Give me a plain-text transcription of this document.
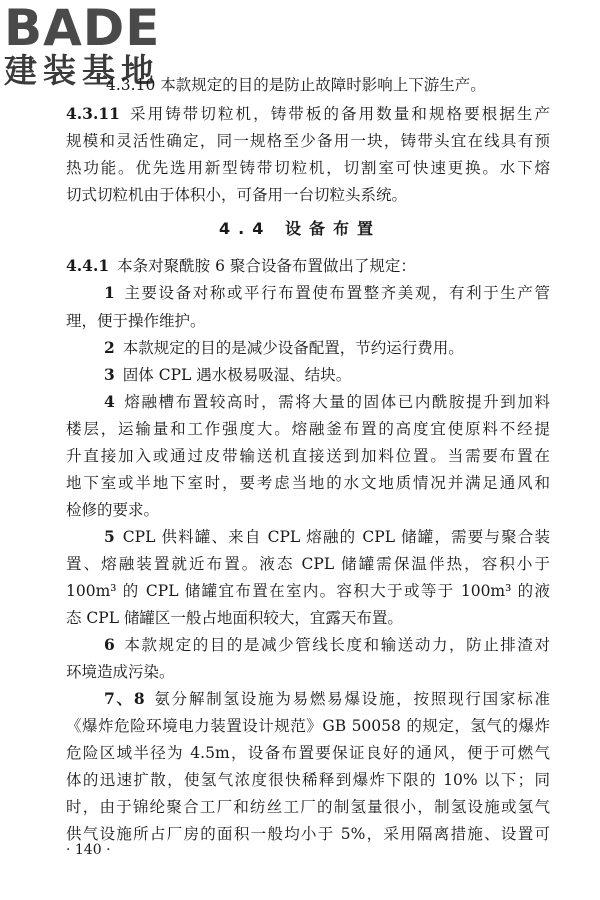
BADE
建装基地
4.3.10 本款规定的目的是防止故障时影响上下游生产。
4.3.11 采用铸带切粒机，铸带板的备用数量和规格要根据生产
规模和灵活性确定，同一规格至少备用一块，铸带头宜在线具有预
热功能。优先选用新型铸带切粒机，切割室可快速更换。水下熔
切式切粒机由于体积小，可备用一台切粒头系统。
4.4 设备布置
4.4.1 本条对聚酰胺 6 聚合设备布置做出了规定：
1 主要设备对称或平行布置使布置整齐美观，有利于生产管
理，便于操作维护。
2 本款规定的目的是减少设备配置，节约运行费用。
3 固体 CPL 遇水极易吸湿、结块。
4 熔融槽布置较高时，需将大量的固体已内酰胺提升到加料
楼层，运输量和工作强度大。熔融釜布置的高度宜使原料不经提
升直接加入或通过皮带输送机直接送到加料位置。当需要布置在
地下室或半地下室时，要考虑当地的水文地质情况并满足通风和
检修的要求。
5 CPL 供料罐、来自 CPL 熔融的 CPL 储罐，需要与聚合装
置、熔融装置就近布置。液态 CPL 储罐需保温伴热，容积小于
100m³ 的 CPL 储罐宜布置在室内。容积大于或等于 100m³ 的液
态 CPL 储罐区一般占地面积较大，宜露天布置。
6 本款规定的目的是减少管线长度和输送动力，防止排渣对
环境造成污染。
7、8 氨分解制氢设施为易燃易爆设施，按照现行国家标准
《爆炸危险环境电力装置设计规范》GB 50058 的规定，氢气的爆炸
危险区域半径为 4.5m，设备布置要保证良好的通风，便于可燃气
体的迅速扩散，使氢气浓度很快稀释到爆炸下限的 10% 以下；同
时，由于锦纶聚合工厂和纺丝工厂的制氢量很小，制氢设施或氢气
供气设施所占厂房的面积一般均小于 5%，采用隔离措施、设置可
· 140 ·
